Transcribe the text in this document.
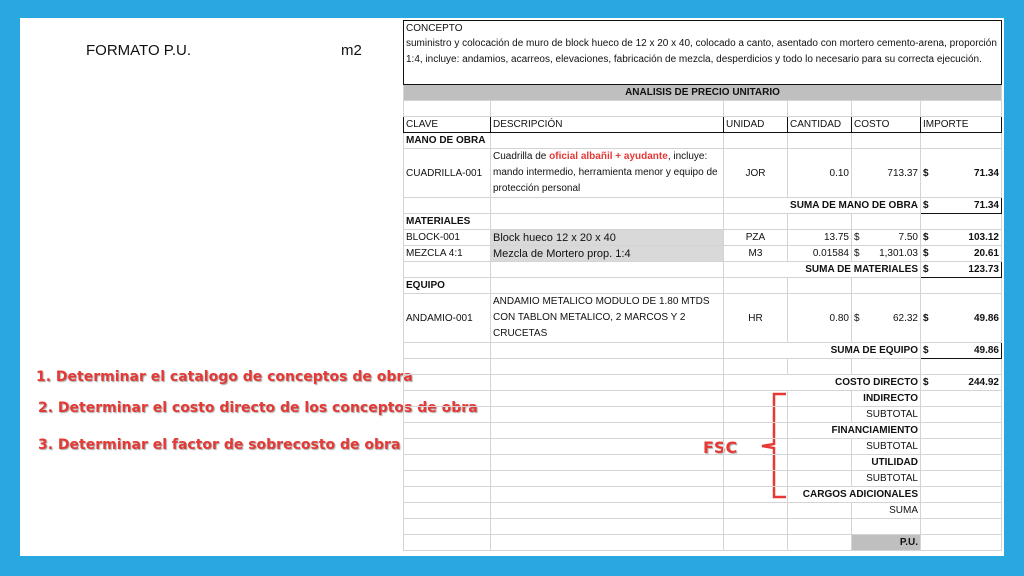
FORMATO P.U.	m2
1. Determinar el catalogo de conceptos de obra
2. Determinar el costo directo de los conceptos de obra
3. Determinar el factor de sobrecosto de obra	FSC
CONCEPTO					
suministro y colocación de muro de block hueco de 12 x 20 x 40, colocado a canto, asentado con mortero cemento-arena, proporción 1:4, incluye: andamios, acarreos, elevaciones, fabricación de mezcla, desperdicios y todo lo necesario para su correcta ejecución.					
ANALISIS DE PRECIO UNITARIO					

CLAVE	DESCRIPCIÓN	UNIDAD	CANTIDAD	COSTO	IMPORTE
MANO DE OBRA					
CUADRILLA-001	Cuadrilla de oficial albañil + ayudante, incluye: mando intermedio, herramienta menor y equipo de protección personal	JOR	0.10	713.37	$ 71.34

		SUMA DE MANO DE OBRA			$ 71.34

MATERIALES					
BLOCK-001	Block hueco 12 x 20 x 40	PZA	13.75	$ 7.50	$ 103.12

MEZCLA 4:1	Mezcla de Mortero prop. 1:4	M3	0.01584	$ 1,301.03	$ 20.61

		SUMA DE MATERIALES			$ 123.73

EQUIPO					
ANDAMIO-001	ANDAMIO METALICO MODULO DE 1.80 MTDS CON TABLON METALICO, 2 MARCOS Y 2 CRUCETAS	HR	0.80	$ 62.32	$ 49.86

		SUMA DE EQUIPO			$ 49.86

		COSTO DIRECTO			$ 244.92

				INDIRECTO	
				SUBTOTAL	
			FINANCIAMIENTO		
				SUBTOTAL	
				UTILIDAD	
				SUBTOTAL	
			CARGOS ADICIONALES		
				SUMA	

				P.U.	
